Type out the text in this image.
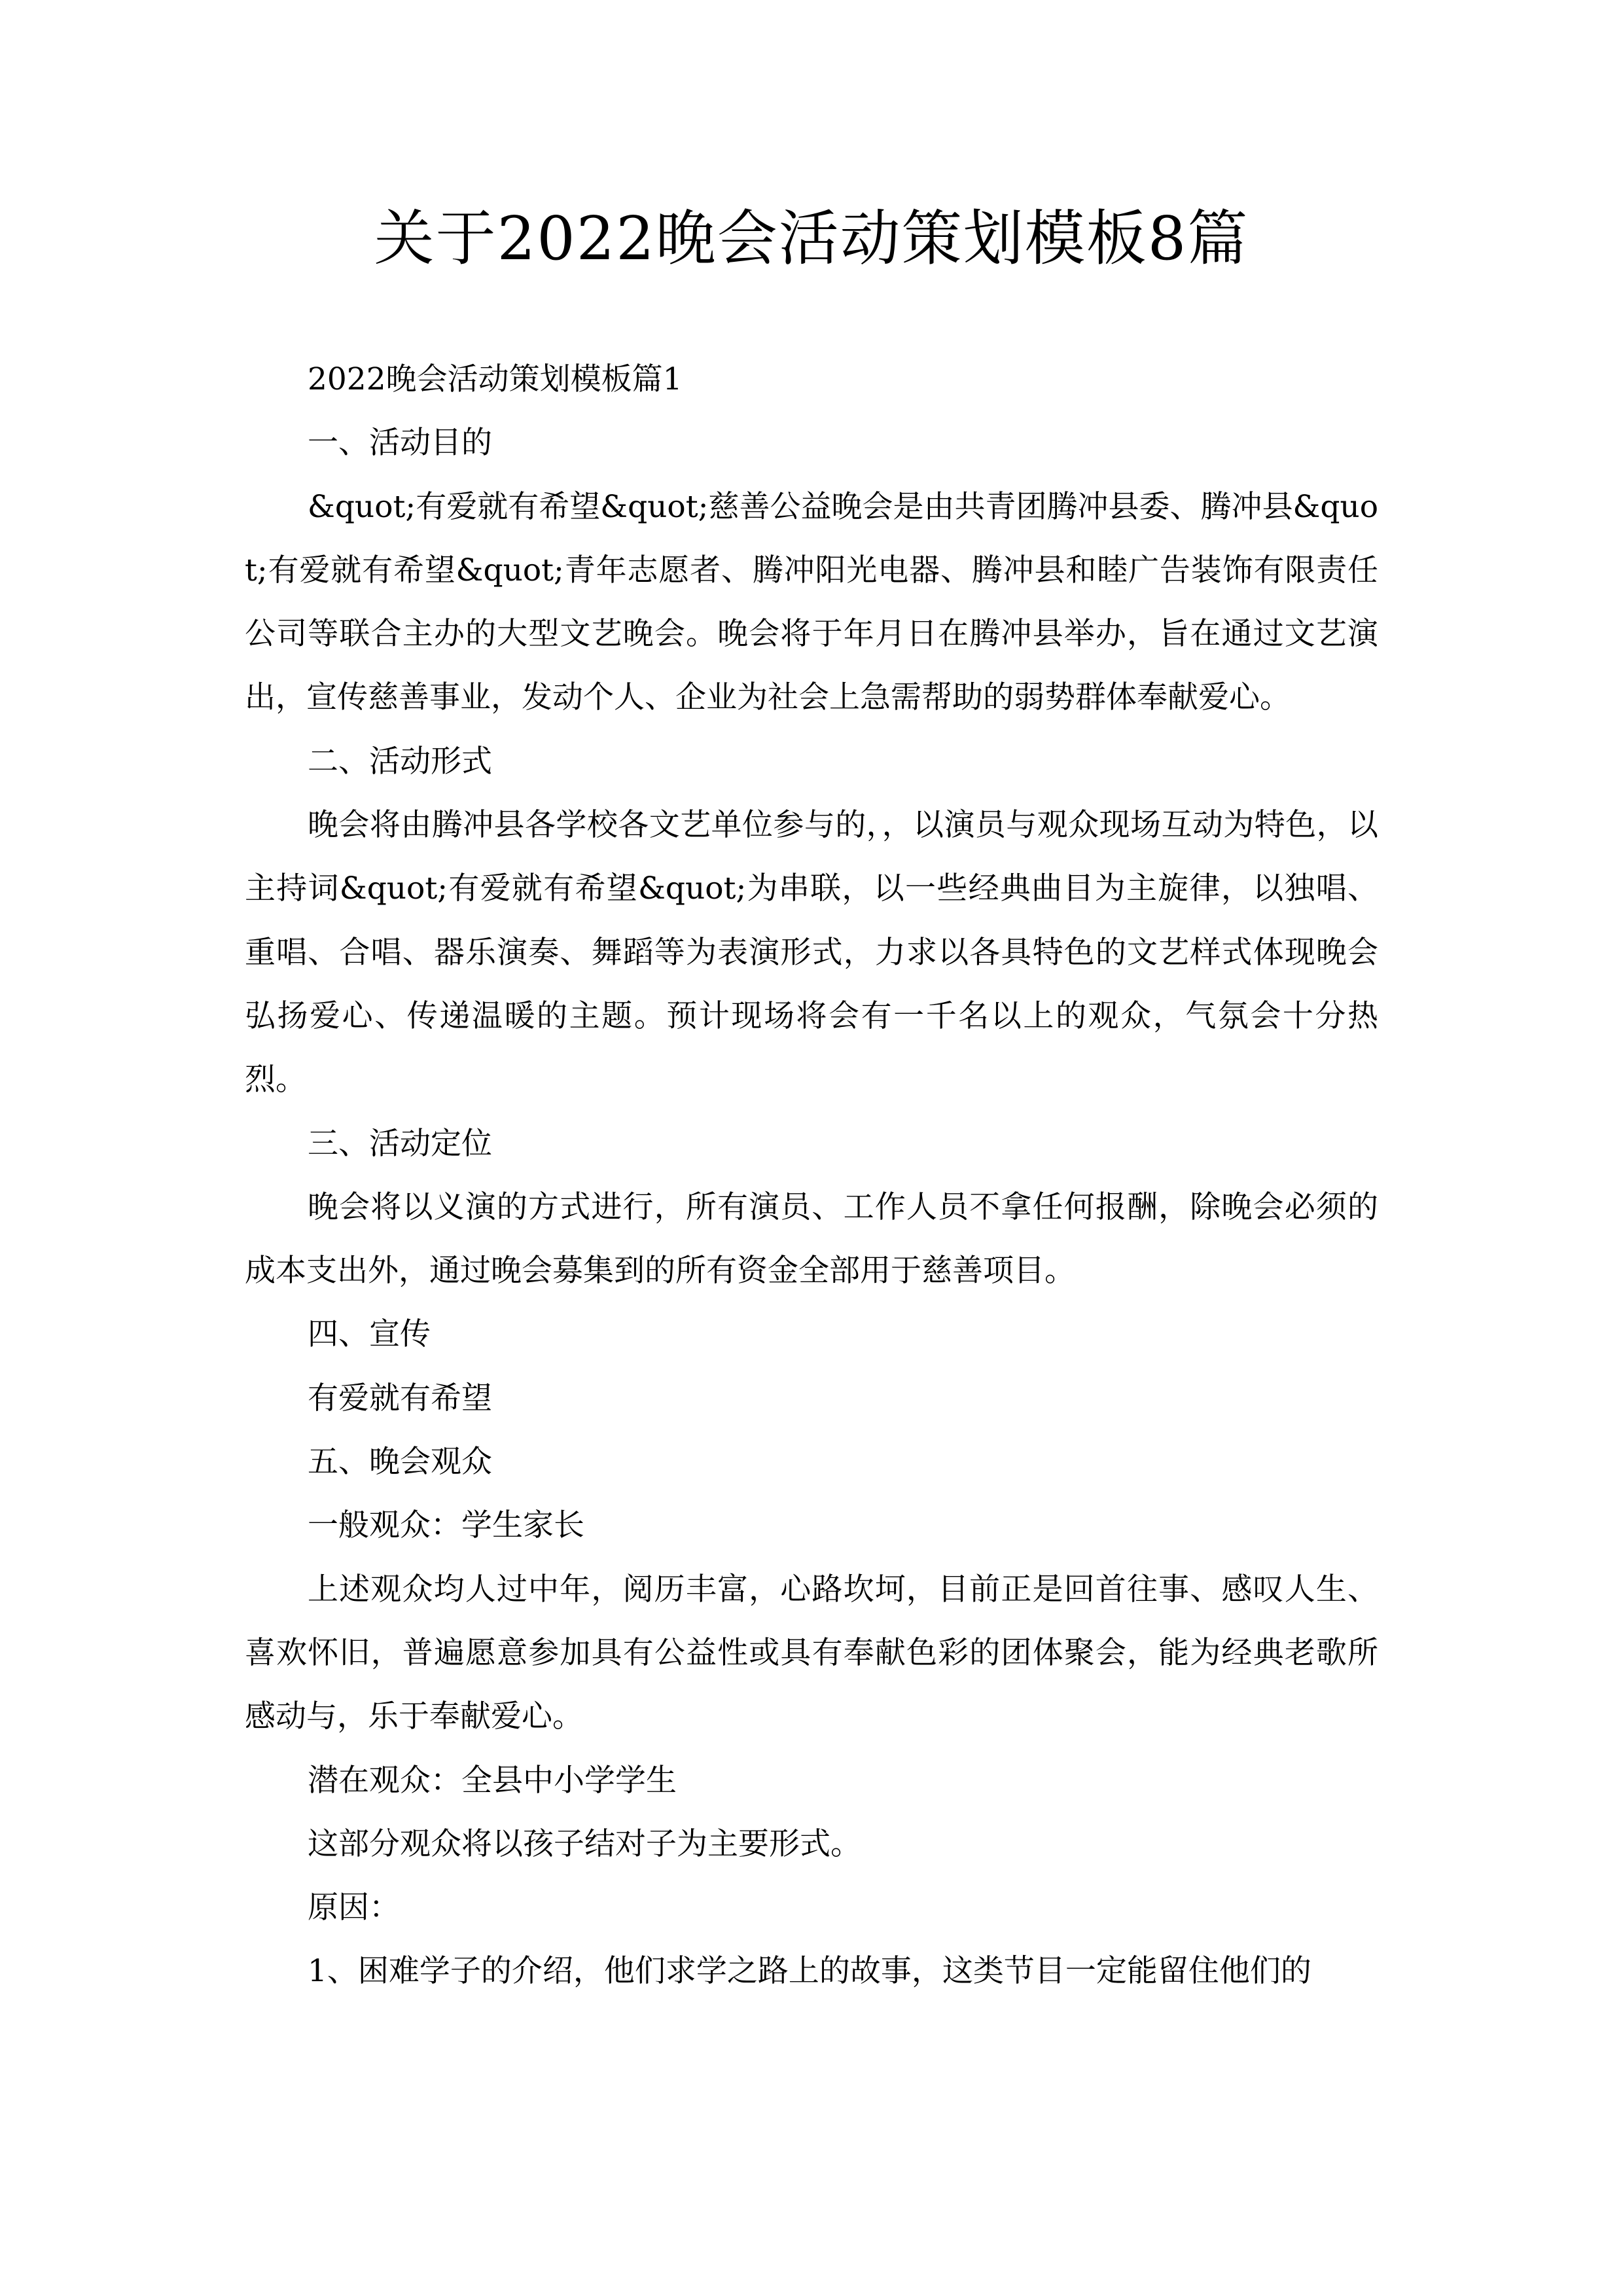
关于2022晚会活动策划模板8篇

2022晚会活动策划模板篇1

一、活动目的

&quot;有爱就有希望&quot;慈善公益晚会是由共青团腾冲县委、腾冲县&quot;有爱就有希望&quot;青年志愿者、腾冲阳光电器、腾冲县和睦广告装饰有限责任公司等联合主办的大型文艺晚会。晚会将于年月日在腾冲县举办，旨在通过文艺演出，宣传慈善事业，发动个人、企业为社会上急需帮助的弱势群体奉献爱心。

二、活动形式

晚会将由腾冲县各学校各文艺单位参与的，，以演员与观众现场互动为特色，以主持词&quot;有爱就有希望&quot;为串联，以一些经典曲目为主旋律，以独唱、重唱、合唱、器乐演奏、舞蹈等为表演形式，力求以各具特色的文艺样式体现晚会弘扬爱心、传递温暖的主题。预计现场将会有一千名以上的观众，气氛会十分热烈。

三、活动定位

晚会将以义演的方式进行，所有演员、工作人员不拿任何报酬，除晚会必须的成本支出外，通过晚会募集到的所有资金全部用于慈善项目。

四、宣传

有爱就有希望

五、晚会观众

一般观众：学生家长

上述观众均人过中年，阅历丰富，心路坎坷，目前正是回首往事、感叹人生、喜欢怀旧，普遍愿意参加具有公益性或具有奉献色彩的团体聚会，能为经典老歌所感动与，乐于奉献爱心。

潜在观众：全县中小学学生

这部分观众将以孩子结对子为主要形式。

原因：

1、困难学子的介绍，他们求学之路上的故事，这类节目一定能留住他们的
